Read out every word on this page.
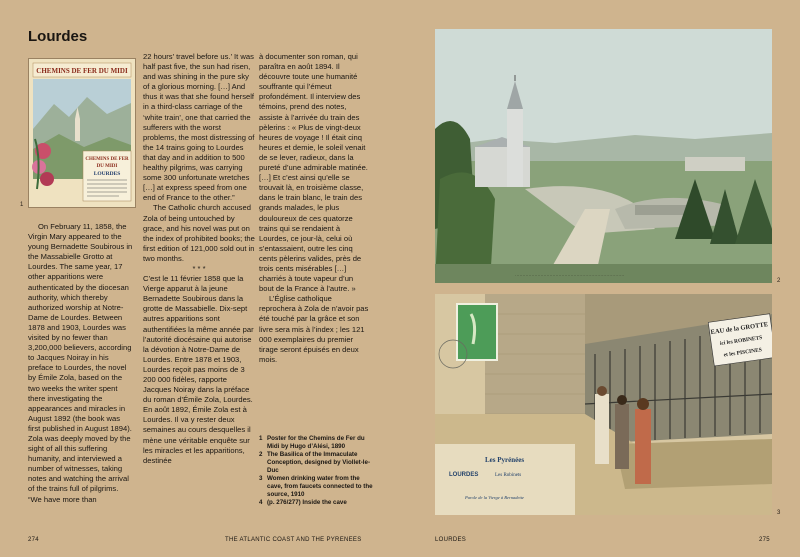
Lourdes
CHEMINS DE FER DU MIDI
CHEMINS DE FER
DU MIDI
LOURDES
1

On February 11, 1858, the Virgin Mary appeared to the young Bernadette Soubirous in the Massabielle Grotto at Lourdes. The same year, 17 other apparitions were authenticated by the diocesan authority, which thereby authorized worship at Notre-Dame de Lourdes. Between 1878 and 1903, Lourdes was visited by no fewer than 3,200,000 believers, according to Jacques Noiray in his preface to Lourdes, the novel by Émile Zola, based on the two weeks the writer spent there investigating the appearances and miracles in August 1892 (the book was first published in August 1894). Zola was deeply moved by the sight of all this suffering humanity, and interviewed a number of witnesses, taking notes and watching the arrival of the trains full of pilgrims. “We have more than

22 hours’ travel before us.’ It was half past five, the sun had risen, and was shining in the pure sky of a glorious morning. […] And thus it was that she found herself in a third-class carriage of the ‘white train’, one that carried the sufferers with the worst problems, the most distressing of the 14 trains going to Lourdes that day and in addition to 500 healthy pilgrims, was carrying some 300 unfortunate wretches […] at express speed from one end of France to the other.”

The Catholic church accused Zola of being untouched by grace, and his novel was put on the index of prohibited books; the first edition of 121,000 sold out in two months.

* * *

C’est le 11 février 1858 que la Vierge apparut à la jeune Bernadette Soubirous dans la grotte de Massabielle. Dix-sept autres apparitions sont authentifiées la même année par l’autorité diocésaine qui autorise la dévotion à Notre-Dame de Lourdes. Entre 1878 et 1903, Lourdes reçoit pas moins de 3 200 000 fidèles, rapporte Jacques Noiray dans la préface du roman d’Émile Zola, Lourdes. En août 1892, Émile Zola est à Lourdes. Il va y rester deux semaines au cours desquelles il mène une véritable enquête sur les miracles et les apparitions, destinée

à documenter son roman, qui paraîtra en août 1894. Il découvre toute une humanité souffrante qui l’émeut profondément. Il interview des témoins, prend des notes, assiste à l’arrivée du train des pèlerins : « Plus de vingt-deux heures de voyage ! Il était cinq heures et demie, le soleil venait de se lever, radieux, dans la pureté d’une admirable matinée. […] Et c’est ainsi qu’elle se trouvait là, en troisième classe, dans le train blanc, le train des grands malades, le plus douloureux de ces quatorze trains qui se rendaient à Lourdes, ce jour-là, celui où s’entassaient, outre les cinq cents pèlerins valides, près de trois cents misérables […] charriés à toute vapeur d’un bout de la France à l’autre. »

L’Église catholique reprochera à Zola de n’avoir pas été touché par la grâce et son livre sera mis à l’index ; les 121 000 exemplaires du premier tirage seront épuisés en deux mois.

1 Poster for the Chemins de Fer du Midi by Hugo d’Alési, 1890
2 The Basilica of the Immaculate Conception, designed by Viollet-le-Duc
3 Women drinking water from the cave, from faucets connected to the source, 1910
4 (p. 276/277) Inside the cave
274	THE ATLANTIC COAST AND THE PYRENEES
·········································································
2
EAU de la GROTTE
ici les ROBINETS
et les PISCINES
Les Pyrénées
LOURDES	Les Robinets
Parole de la Vierge à Bernadette
3
LOURDES	275
